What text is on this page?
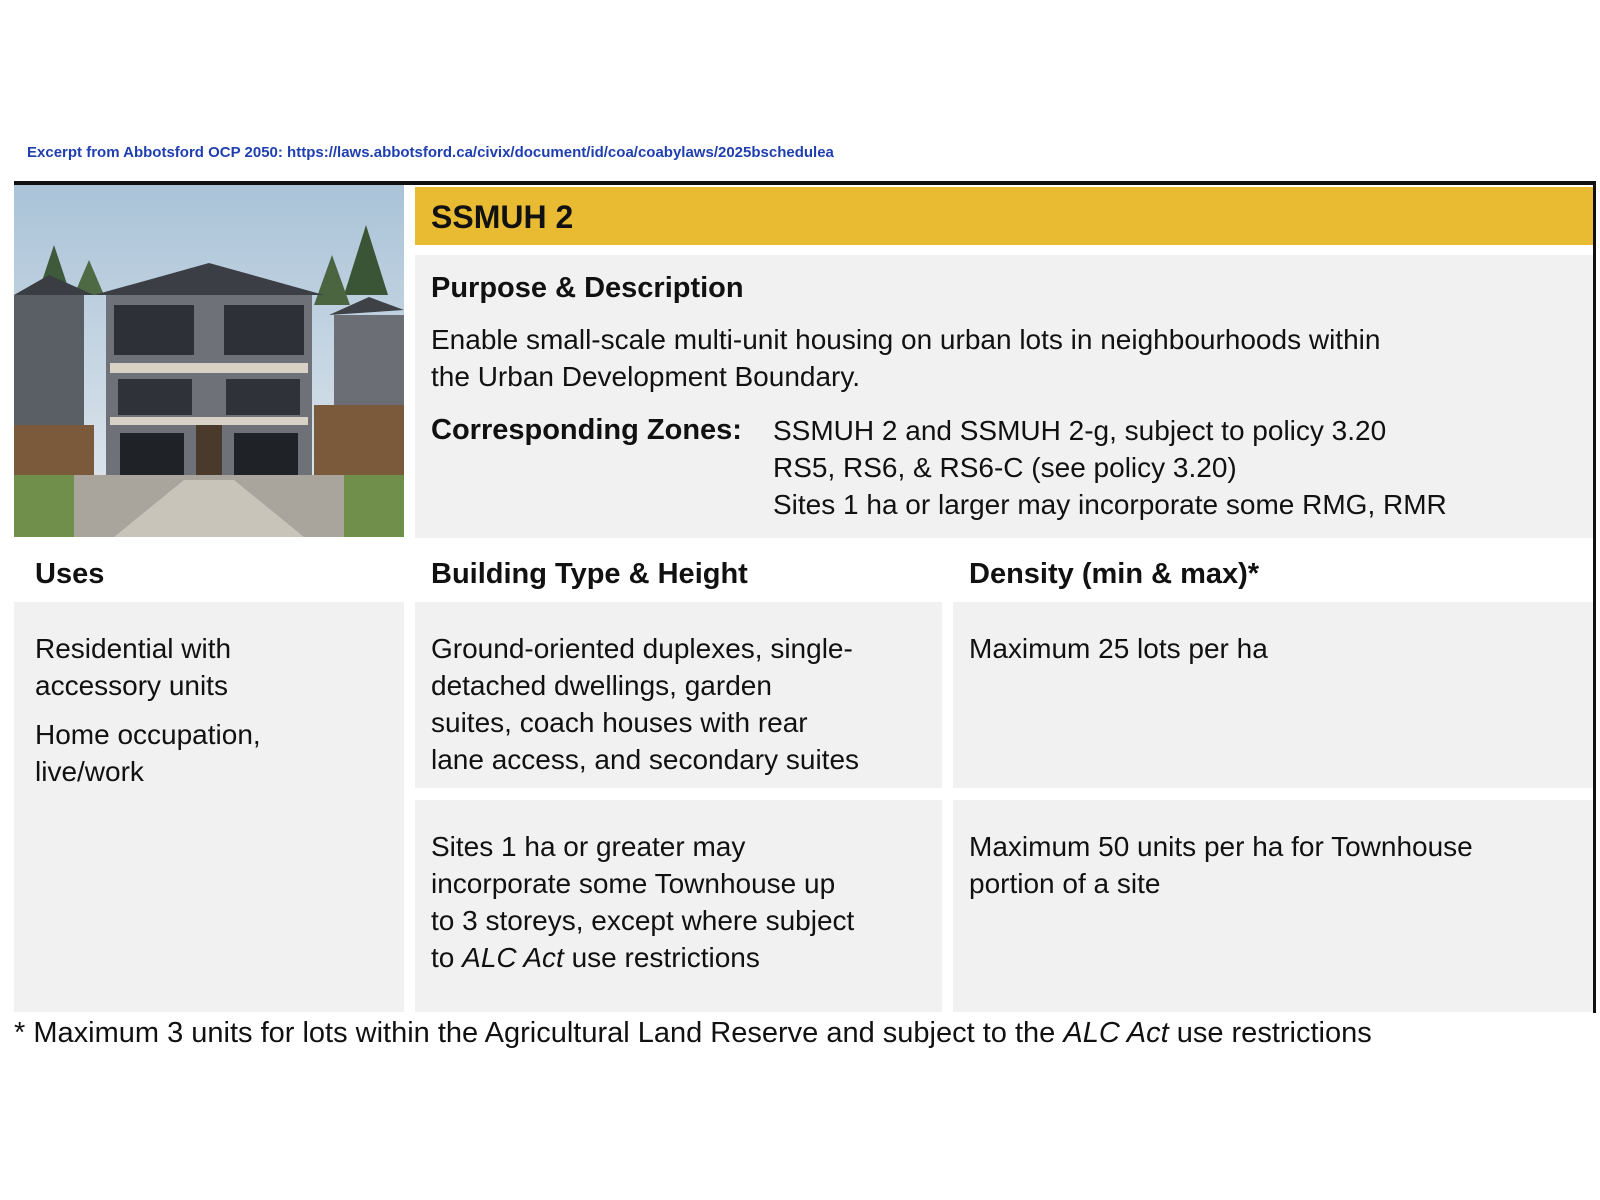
Excerpt from Abbotsford OCP 2050: https://laws.abbotsford.ca/civix/document/id/coa/coabylaws/2025bschedulea
SSMUH 2
Purpose & Description
Enable small-scale multi-unit housing on urban lots in neighbourhoods within
the Urban Development Boundary.
Corresponding Zones: SSMUH 2 and SSMUH 2-g, subject to policy 3.20
RS5, RS6, & RS6-C (see policy 3.20)
Sites 1 ha or larger may incorporate some RMG, RMR
Uses	Building Type & Height	Density (min & max)*
Residential with
accessory units
Home occupation,
live/work
Ground-oriented duplexes, single-
detached dwellings, garden
suites, coach houses with rear
lane access, and secondary suites
Sites 1 ha or greater may
incorporate some Townhouse up
to 3 storeys, except where subject
to ALC Act use restrictions
Maximum 25 lots per ha
Maximum 50 units per ha for Townhouse
portion of a site
* Maximum 3 units for lots within the Agricultural Land Reserve and subject to the ALC Act use restrictions
